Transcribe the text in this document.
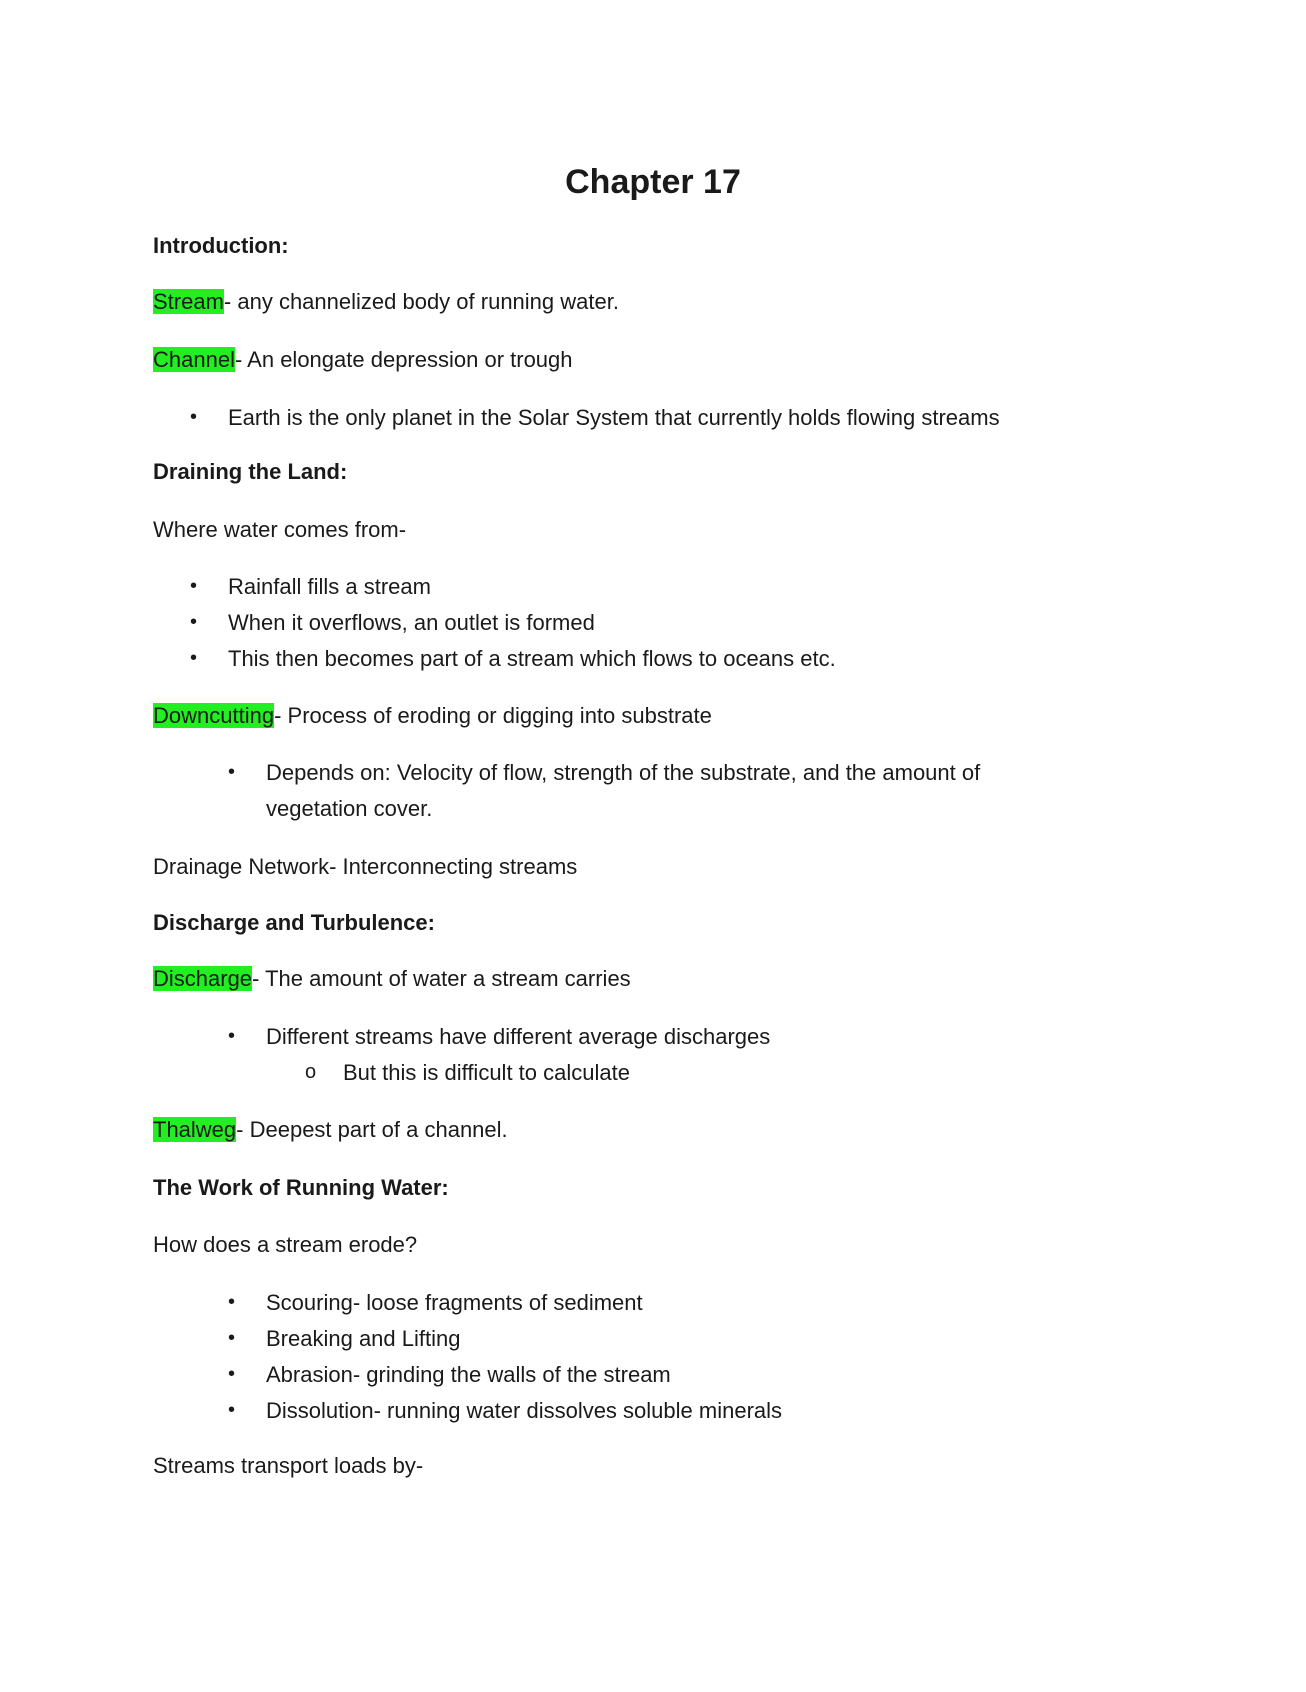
Chapter 17
Introduction:
Stream- any channelized body of running water.
Channel- An elongate depression or trough
• Earth is the only planet in the Solar System that currently holds flowing streams
Draining the Land:
Where water comes from-
• Rainfall fills a stream
• When it overflows, an outlet is formed
• This then becomes part of a stream which flows to oceans etc.
Downcutting- Process of eroding or digging into substrate
• Depends on: Velocity of flow, strength of the substrate, and the amount of
vegetation cover.
Drainage Network- Interconnecting streams
Discharge and Turbulence:
Discharge- The amount of water a stream carries
• Different streams have different average discharges
o But this is difficult to calculate
Thalweg- Deepest part of a channel.
The Work of Running Water:
How does a stream erode?
• Scouring- loose fragments of sediment
• Breaking and Lifting
• Abrasion- grinding the walls of the stream
• Dissolution- running water dissolves soluble minerals
Streams transport loads by-
